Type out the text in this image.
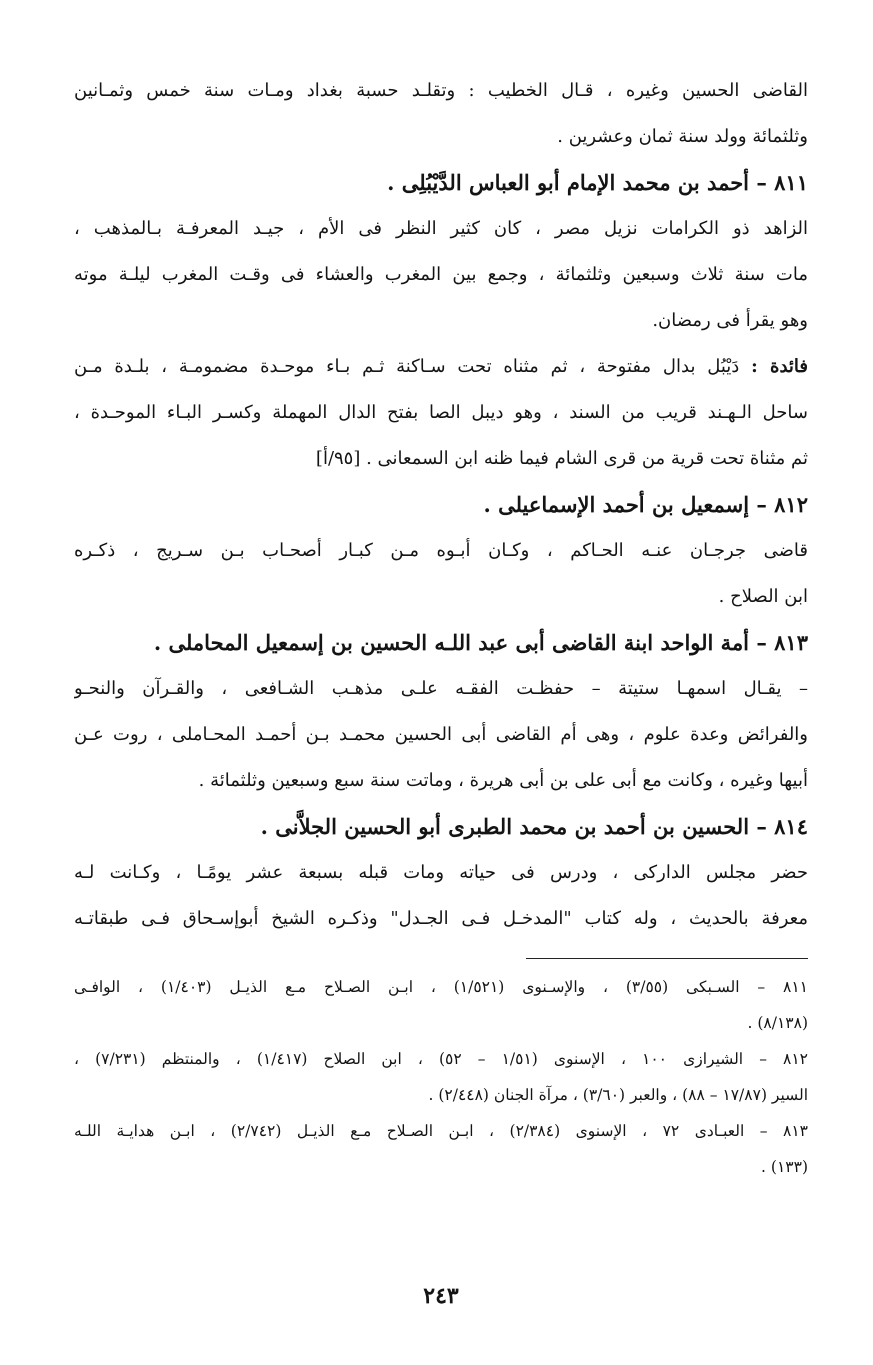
القاضى الحسين وغيره ، قـال الخطيب : وتقلـد حسبة بغداد ومـات سنة خمس وثمـانين
وثلثمائة وولد سنة ثمان وعشرين .
٨١١ – أحمد بن محمد الإمام أبو العباس الدَّيْبُلِى .
الزاهد ذو الكرامات نزيل مصر ، كان كثير النظر فى الأم ، جيـد المعرفـة بـالمذهب ،
مات سنة ثلاث وسبعين وثلثمائة ، وجمع بين المغرب والعشاء فى وقـت المغرب ليلـة موته
وهو يقرأ فى رمضان.
فائدة : دَيْبُل بدال مفتوحة ، ثم مثناه تحت سـاكنة ثـم بـاء موحـدة مضمومـة ، بلـدة مـن
ساحل الـهـند قريب من السند ، وهو ديبل الصا بفتح الدال المهملة وكسـر البـاء الموحـدة ،
ثم مثناة تحت قرية من قرى الشام فيما ظنه ابن السمعانى . [٩٥/أ]
٨١٢ – إسمعيل بن أحمد الإسماعيلى .
قاضى جرجـان عنـه الحـاكم ، وكـان أبـوه مـن كبـار أصحـاب بـن سـريج ، ذكـره
ابن الصلاح .
٨١٣ – أمة الواحد ابنة القاضى أبى عبد اللـه الحسين بن إسمعيل المحاملى .
– يقـال اسمهـا ستيتة – حفظـت الفقـه علـى مذهـب الشـافعى ، والقـرآن والنحـو
والفرائض وعدة علوم ، وهى أم القاضى أبى الحسين محمـد بـن أحمـد المحـاملى ، روت عـن
أبيها وغيره ، وكانت مع أبى على بن أبى هريرة ، وماتت سنة سبع وسبعين وثلثمائة .
٨١٤ – الحسين بن أحمد بن محمد الطبرى أبو الحسين الجلاَّنى .
حضر مجلس الداركى ، ودرس فى حياته ومات قبله بسبعة عشر يومًـا ، وكـانت لـه
معرفة بالحديث ، وله كتاب "المدخـل فـى الجـدل" وذكـره الشيخ أبوإسـحاق فـى طبقاتـه
٨١١ – السـبكى (٣/٥٥) ، والإسـنوى (١/٥٢١) ، ابـن الصـلاح مـع الذيـل (١/٤٠٣) ، الوافـى
(٨/١٣٨) .
٨١٢ – الشيرازى ١٠٠ ، الإسنوى (١/٥١ – ٥٢) ، ابن الصلاح (١/٤١٧) ، والمنتظم (٧/٢٣١) ،
السير (١٧/٨٧ – ٨٨) ، والعبر (٣/٦٠) ، مرآة الجنان (٢/٤٤٨) .
٨١٣ – العبـادى ٧٢ ، الإسنوى (٢/٣٨٤) ، ابـن الصـلاح مـع الذيـل (٢/٧٤٢) ، ابـن هدايـة اللـه
(١٣٣) .
٢٤٣
